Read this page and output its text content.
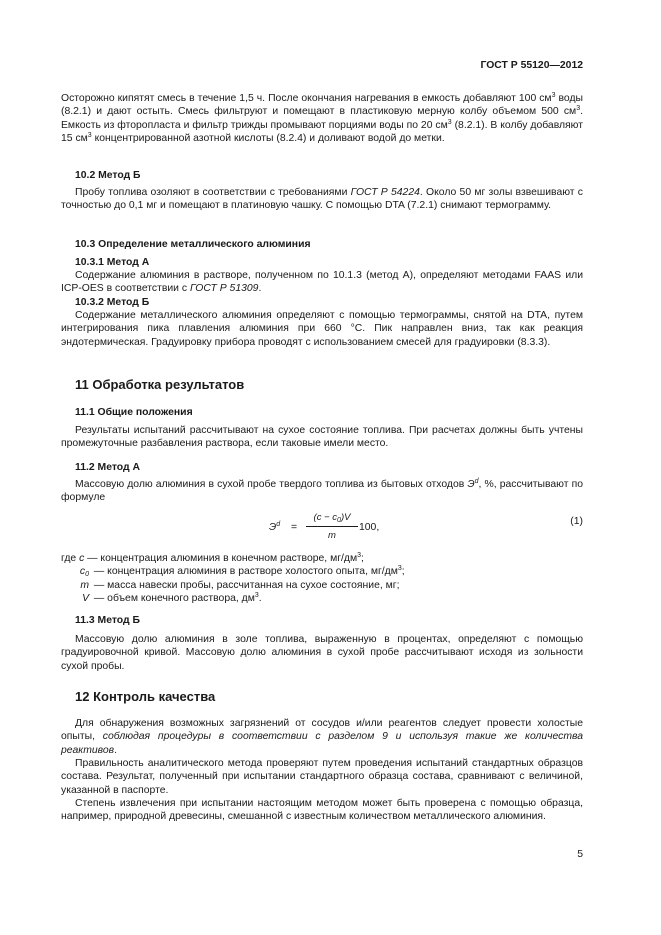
ГОСТ Р 55120—2012

Осторожно кипятят смесь в течение 1,5 ч. После окончания нагревания в емкость добавляют 100 $см^3$ воды (8.2.1) и дают остыть. Смесь фильтруют и помещают в пластиковую мерную колбу объемом 500 $см^3$. Емкость из фторопласта и фильтр трижды промывают порциями воды по 20 $см^3$ (8.2.1). В колбу добавляют 15 $см^3$ концентрированной азотной кислоты (8.2.4) и доливают водой до метки.

10.2 Метод Б

Пробу топлива озоляют в соответствии с требованиями ГОСТ Р 54224. Около 50 мг золы взвешивают с точностью до 0,1 мг и помещают в платиновую чашку. С помощью DTA (7.2.1) снимают термограмму.

10.3 Определение металлического алюминия
10.3.1 Метод А

Содержание алюминия в растворе, полученном по 10.1.3 (метод А), определяют методами FAAS или ICP-OES в соответствии с ГОСТ Р 51309.

10.3.2 Метод Б

Содержание металлического алюминия определяют с помощью термограммы, снятой на DTA, путем интегрирования пика плавления алюминия при 660 °С. Пик направлен вниз, так как реакция эндотермическая. Градуировку прибора проводят с использованием смесей для градуировки (8.3.3).

11 Обработка результатов
11.1 Общие положения

Результаты испытаний рассчитывают на сухое состояние топлива. При расчетах должны быть учтены промежуточные разбавления раствора, если таковые имели место.

11.2 Метод А

Массовую долю алюминия в сухой пробе твердого топлива из бытовых отходов $Э^d$, %, рассчитывают по формуле

$Э^d$ =
$(c - c_0)V$
m
100,
(1)
где c — концентрация алюминия в конечном растворе, $мг/дм^3$;
$c_0$ — концентрация алюминия в растворе холостого опыта, $мг/дм^3$;
m — масса навески пробы, рассчитанная на сухое состояние, мг;
V — объем конечного раствора, $дм^3$.
11.3 Метод Б

Массовую долю алюминия в золе топлива, выраженную в процентах, определяют с помощью градуировочной кривой. Массовую долю алюминия в сухой пробе рассчитывают исходя из зольности сухой пробы.

12 Контроль качества

Для обнаружения возможных загрязнений от сосудов и/или реагентов следует провести холостые опыты, соблюдая процедуры в соответствии с разделом 9 и используя такие же количества реактивов.

Правильность аналитического метода проверяют путем проведения испытаний стандартных образцов состава. Результат, полученный при испытании стандартного образца состава, сравнивают с величиной, указанной в паспорте.

Степень извлечения при испытании настоящим методом может быть проверена с помощью образца, например, природной древесины, смешанной с известным количеством металлического алюминия.

5
